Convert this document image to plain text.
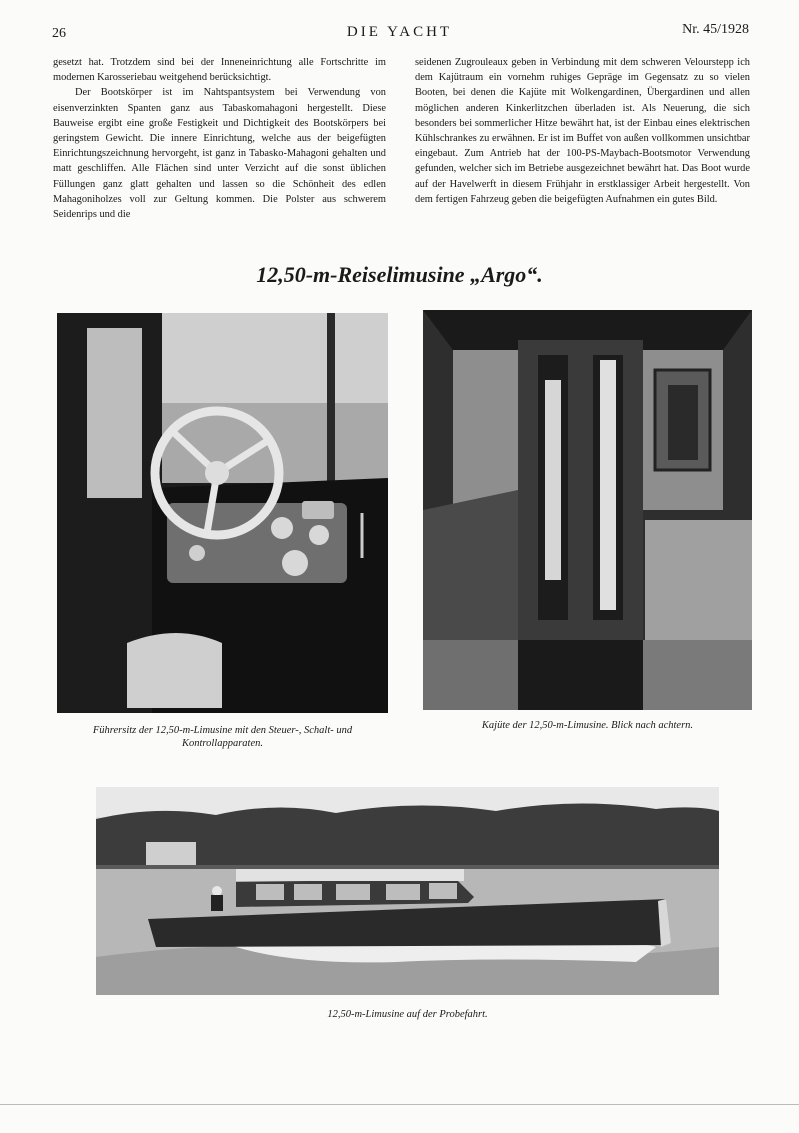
26	DIE YACHT	Nr. 45/1928

gesetzt hat. Trotzdem sind bei der Inneneinrichtung alle Fortschritte im modernen Karosseriebau weitgehend berücksichtigt.

Der Bootskörper ist im Nahtspantsystem bei Verwendung von eisenverzinkten Spanten ganz aus Tabaskomahagoni hergestellt. Diese Bauweise ergibt eine große Festigkeit und Dichtigkeit des Bootskörpers bei geringstem Gewicht. Die innere Einrichtung, welche aus der beigefügten Einrichtungszeichnung hervorgeht, ist ganz in Tabasko-Mahagoni gehalten und matt geschliffen. Alle Flächen sind unter Verzicht auf die sonst üblichen Füllungen ganz glatt gehalten und lassen so die Schönheit des edlen Mahagoniholzes voll zur Geltung kommen. Die Polster aus schwerem Seidenrips und die

seidenen Zugrouleaux geben in Verbindung mit dem schweren Velourstepp ich dem Kajütraum ein vornehm ruhiges Gepräge im Gegensatz zu so vielen Booten, bei denen die Kajüte mit Wolkengardinen, Übergardinen und allen möglichen anderen Kinkerlitzchen überladen ist. Als Neuerung, die sich besonders bei sommerlicher Hitze bewährt hat, ist der Einbau eines elektrischen Kühlschrankes zu erwähnen. Er ist im Buffet von außen vollkommen unsichtbar eingebaut. Zum Antrieb hat der 100-PS-Maybach-Bootsmotor Verwendung gefunden, welcher sich im Betriebe ausgezeichnet bewährt hat. Das Boot wurde auf der Havelwerft in diesem Frühjahr in erstklassiger Arbeit hergestellt. Von dem fertigen Fahrzeug geben die beigefügten Aufnahmen ein gutes Bild.

12,50-m-Reiselimusine „Argo“.
Führersitz der 12,50-m-Limusine mit den Steuer-, Schalt- und Kontrollapparaten.
Kajüte der 12,50-m-Limusine. Blick nach achtern.
12,50-m-Limusine auf der Probefahrt.
